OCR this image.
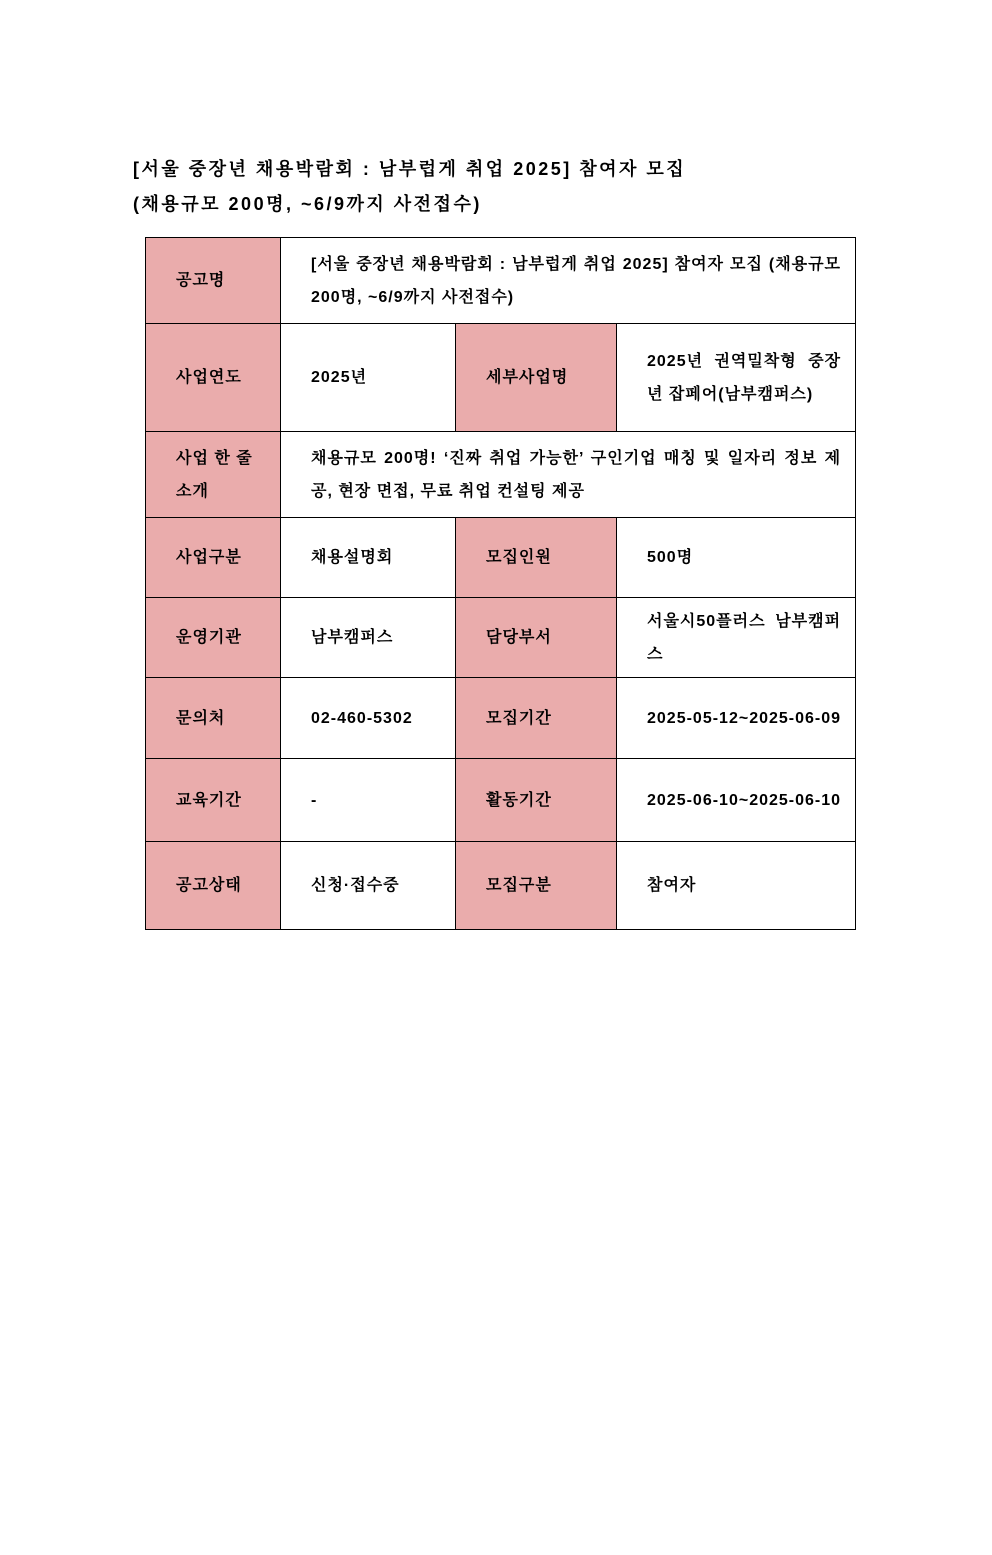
[서울 중장년 채용박람회 : 남부럽게 취업 2025] 참여자 모집
(채용규모 200명, ~6/9까지 사전접수)
공고명	[서울 중장년 채용박람회 : 남부럽게 취업 2025] 참여자 모집 (채용규모 200명, ~6/9까지 사전접수)		
사업연도	2025년	세부사업명	2025년 권역밀착형 중장년 잡페어(남부캠퍼스)
사업 한 줄 소개	채용규모 200명! ‘진짜 취업 가능한’ 구인기업 매칭 및 일자리 정보 제공, 현장 면접, 무료 취업 컨설팅 제공		
사업구분	채용설명회	모집인원	500명
운영기관	남부캠퍼스	담당부서	서울시50플러스 남부캠퍼스
문의처	02-460-5302	모집기간	2025-05-12~2025-06-09
교육기간	-	활동기간	2025-06-10~2025-06-10
공고상태	신청·접수중	모집구분	참여자
